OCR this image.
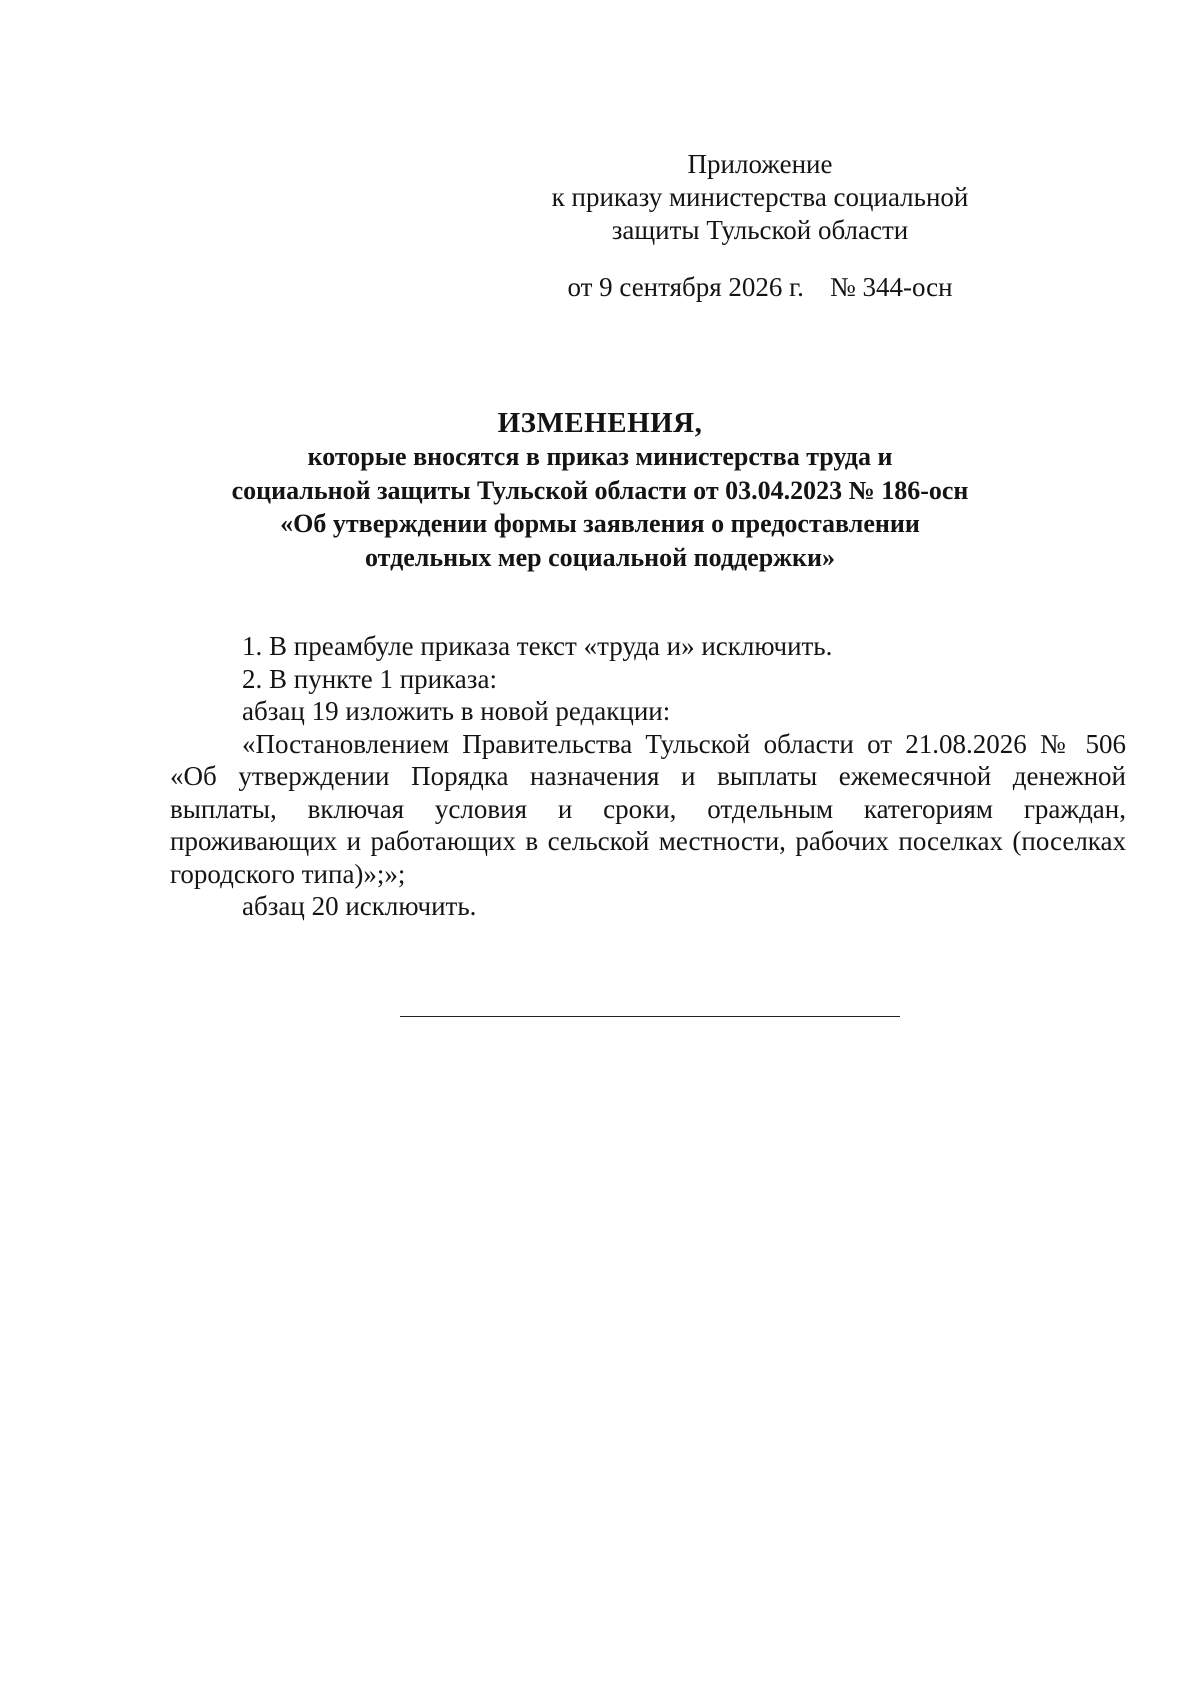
Приложение
к приказу министерства социальной
защиты Тульской области
от 9 сентября 2026 г. № 344-осн
ИЗМЕНЕНИЯ,
которые вносятся в приказ министерства труда и
социальной защиты Тульской области от 03.04.2023 № 186-осн
«Об утверждении формы заявления о предоставлении
отдельных мер социальной поддержки»
1. В преамбуле приказа текст «труда и» исключить.
2. В пункте 1 приказа:
абзац 19 изложить в новой редакции:
«Постановлением Правительства Тульской области от 21.08.2026 № 506 «Об утверждении Порядка назначения и выплаты ежемесячной денежной выплаты, включая условия и сроки, отдельным категориям граждан, проживающих и работающих в сельской местности, рабочих поселках (поселках городского типа)»;»;
абзац 20 исключить.
